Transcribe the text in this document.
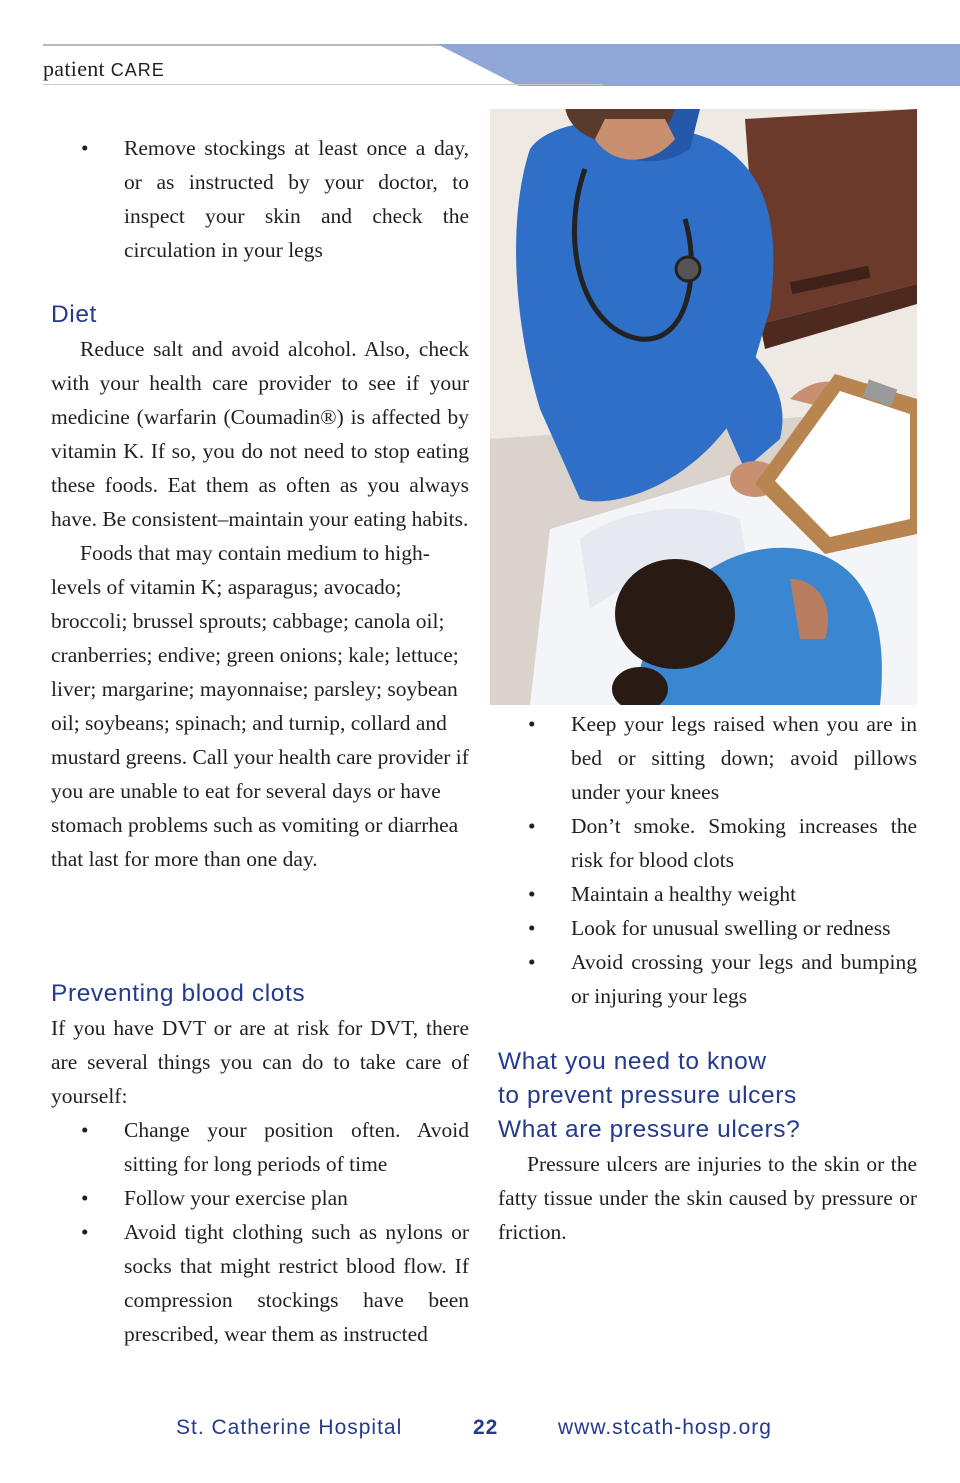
patient CARE
• Remove stockings at least once a day, or as instructed by your doctor, to inspect your skin and check the circulation in your legs
Diet

Reduce salt and avoid alcohol. Also, check with your health care provider to see if your medicine (warfarin (Coumadin®) is affected by vitamin K. If so, you do not need to stop eating these foods. Eat them as often as you always have. Be consistent–maintain your eating habits.

Foods that may contain medium to high-levels of vitamin K; asparagus; avocado; broccoli; brussel sprouts; cabbage; canola oil; cranberries; endive; green onions; kale; lettuce; liver; margarine; mayonnaise; parsley; soybean oil; soybeans; spinach; and turnip, collard and mustard greens. Call your health care provider if you are unable to eat for several days or have stomach problems such as vomiting or diarrhea that last for more than one day.

Preventing blood clots

If you have DVT or are at risk for DVT, there are several things you can do to take care of yourself:

• Change your position often. Avoid sitting for long periods of time
• Follow your exercise plan
• Avoid tight clothing such as nylons or socks that might restrict blood flow. If compression stockings have been prescribed, wear them as instructed
• Keep your legs raised when you are in bed or sitting down; avoid pillows under your knees
• Don’t smoke. Smoking increases the risk for blood clots
• Maintain a healthy weight
• Look for unusual swelling or redness
• Avoid crossing your legs and bumping or injuring your legs
What you need to know
to prevent pressure ulcers
What are pressure ulcers?

Pressure ulcers are injuries to the skin or the fatty tissue under the skin caused by pressure or friction.

St. Catherine Hospital	22	www.stcath-hosp.org
